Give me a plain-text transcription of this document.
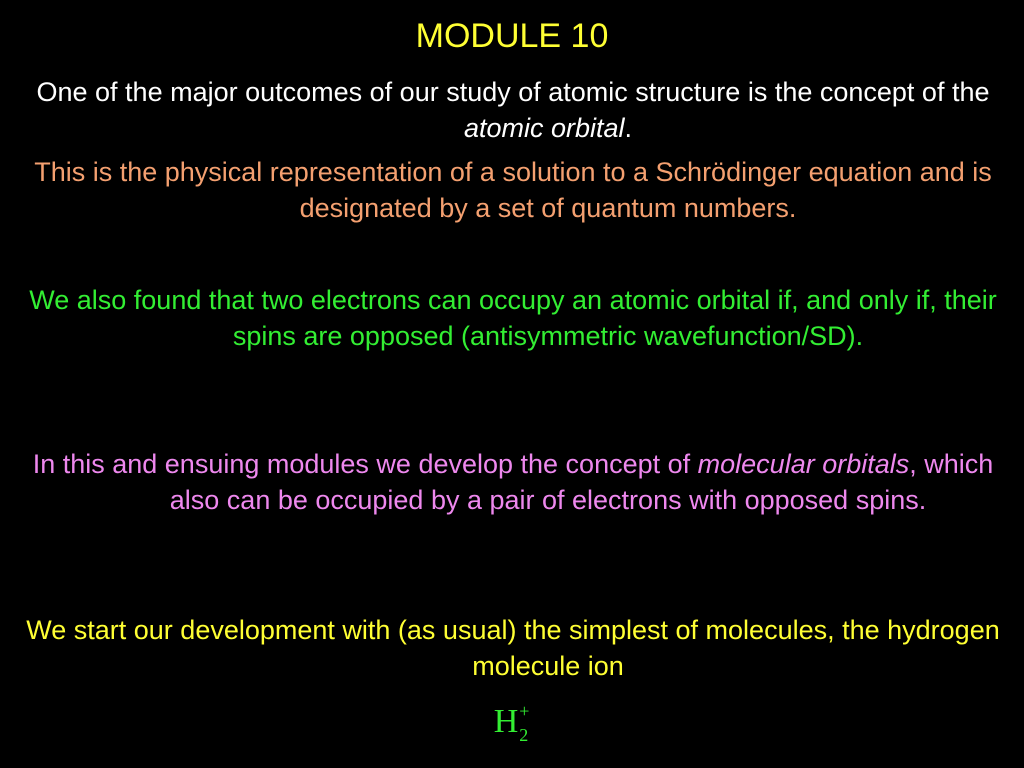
MODULE 10

One of the major outcomes of our study of atomic structure is the concept of the atomic orbital.

This is the physical representation of a solution to a Schrödinger equation and is designated by a set of quantum numbers.

We also found that two electrons can occupy an atomic orbital if, and only if, their spins are opposed (antisymmetric wavefunction/SD).

In this and ensuing modules we develop the concept of molecular orbitals, which also can be occupied by a pair of electrons with opposed spins.

We start our development with (as usual) the simplest of molecules, the hydrogen molecule ion

H +
2
